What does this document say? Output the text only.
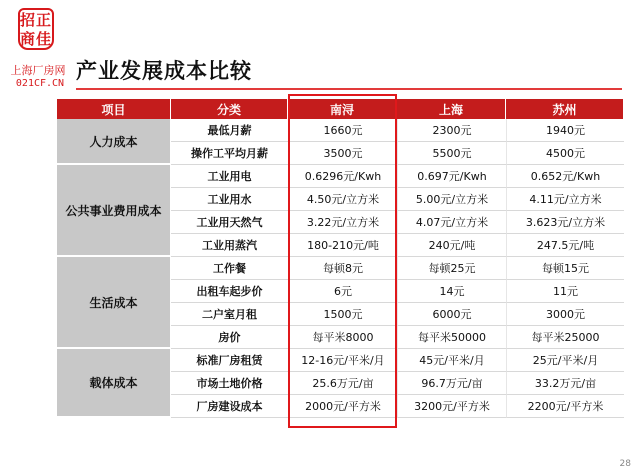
招正
商佳
上海厂房网
021CF.CN
产业发展成本比较
项目	分类	南浔	上海	苏州
人力成本
最低月薪	1660元	2300元	1940元
操作工平均月薪	3500元	5500元	4500元
公共事业费用成本
工业用电	0.6296元/Kwh	0.697元/Kwh	0.652元/Kwh
工业用水	4.50元/立方米	5.00元/立方米	4.11元/立方米
工业用天然气	3.22元/立方米	4.07元/立方米	3.623元/立方米
工业用蒸汽	180-210元/吨	240元/吨	247.5元/吨
生活成本
工作餐	每顿8元	每顿25元	每顿15元
出租车起步价	6元	14元	11元
二户室月租	1500元	6000元	3000元
房价	每平米8000	每平米50000	每平米25000
载体成本
标准厂房租赁	12-16元/平米/月	45元/平米/月	25元/平米/月
市场土地价格	25.6万元/亩	96.7万元/亩	33.2万元/亩
厂房建设成本	2000元/平方米	3200元/平方米	2200元/平方米
28
